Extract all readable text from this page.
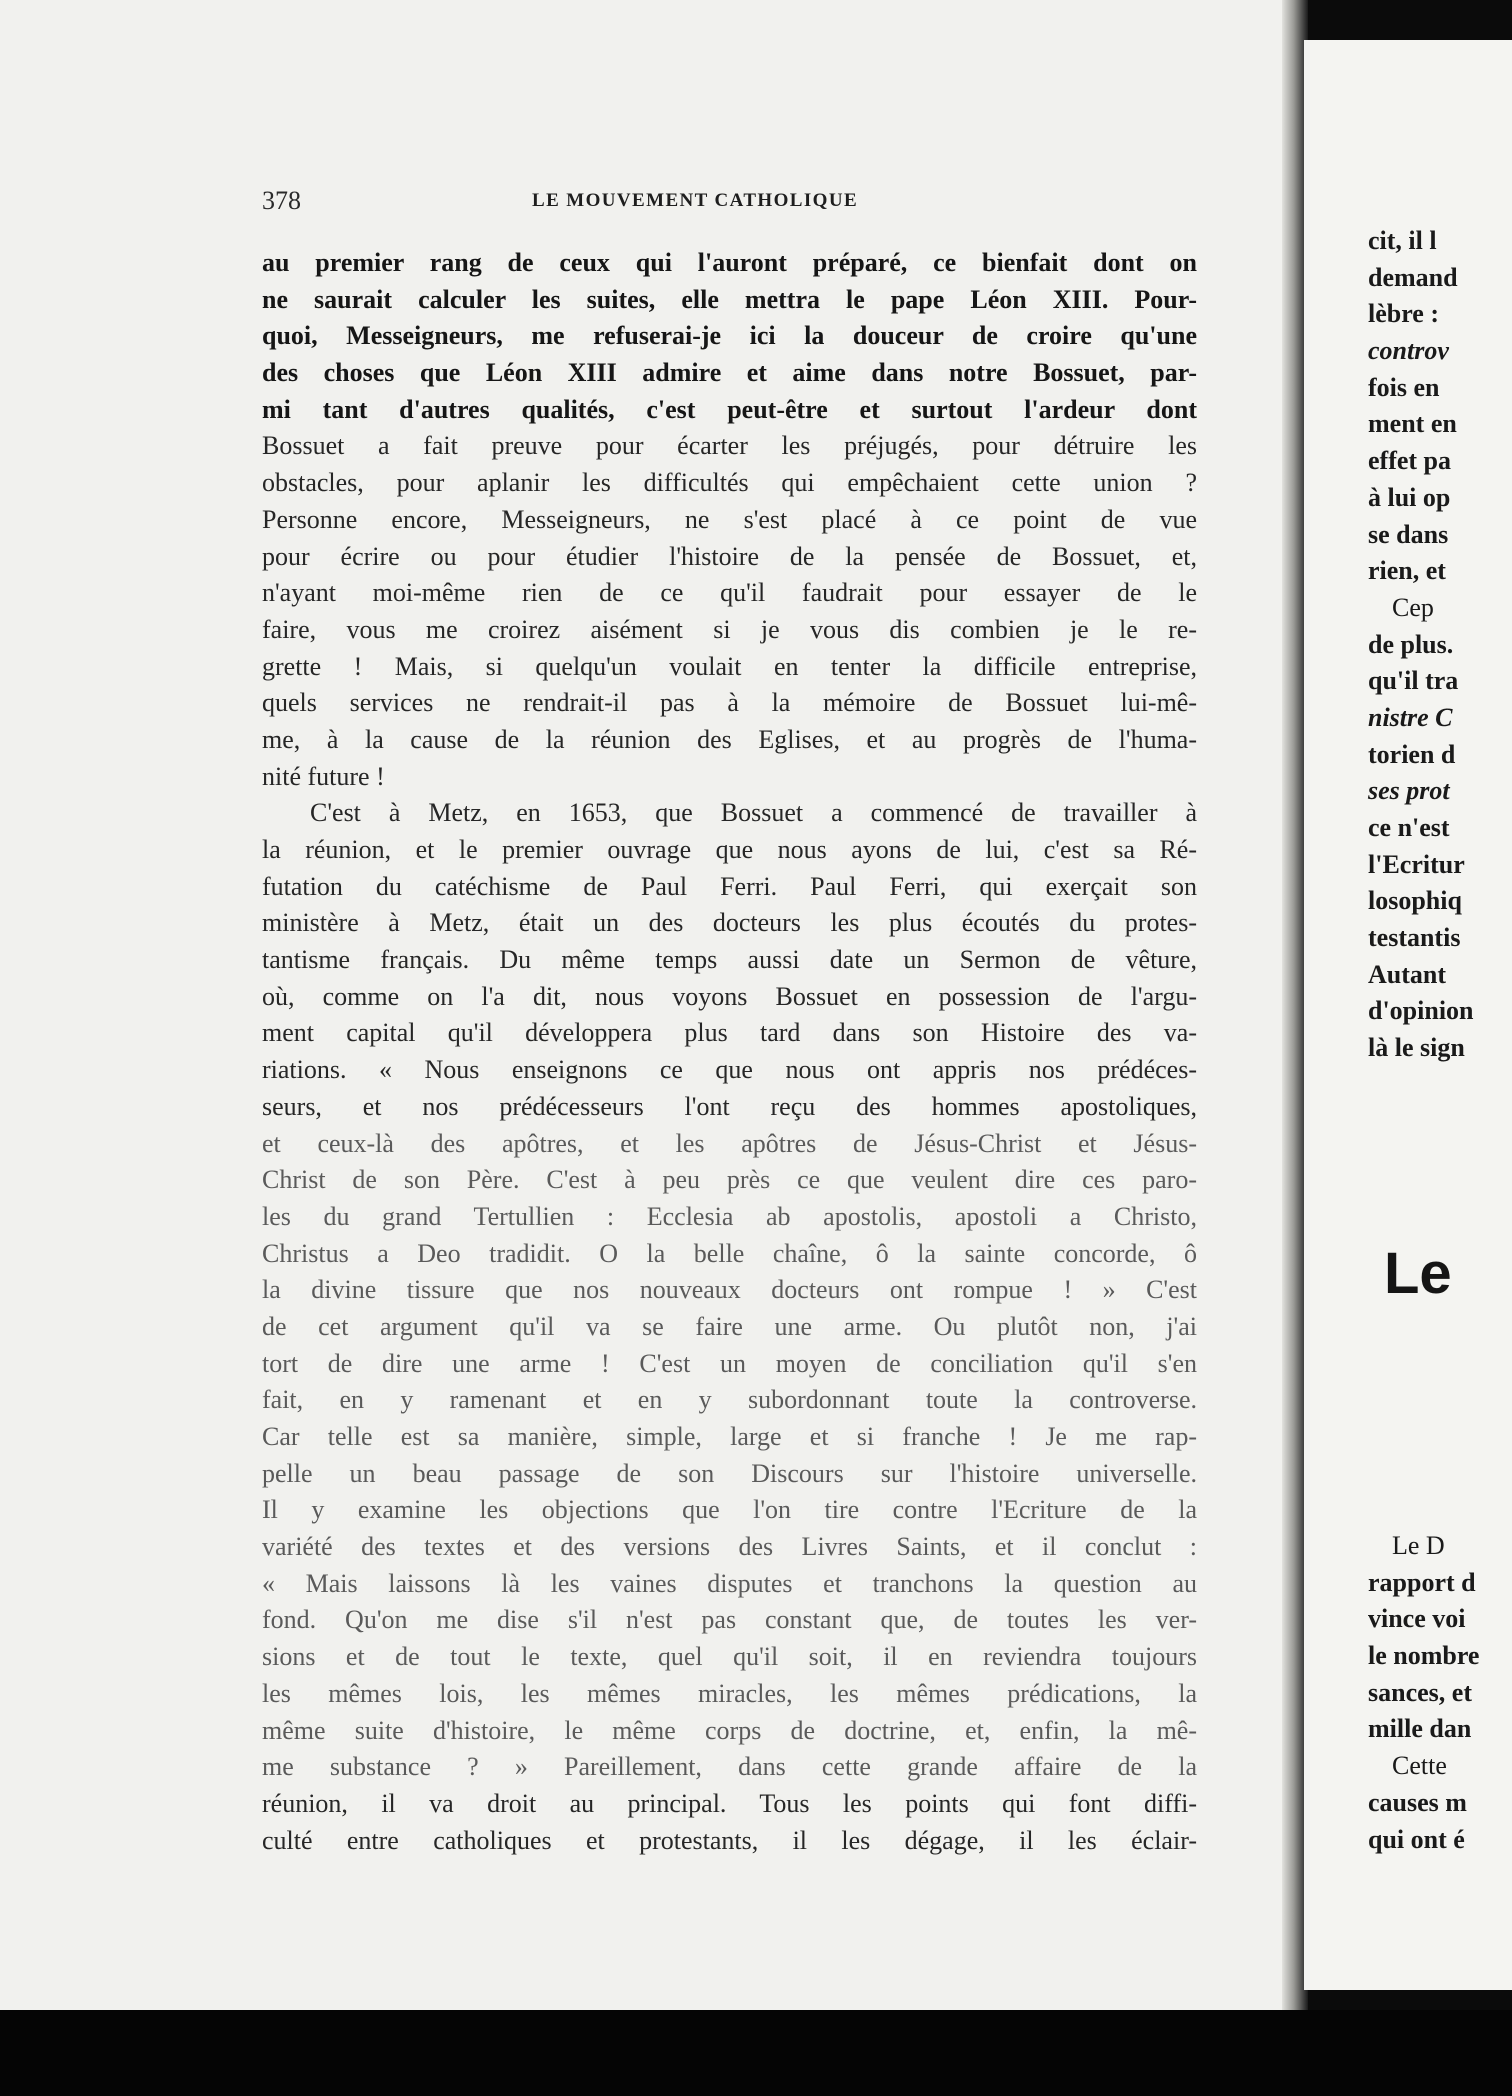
378	LE MOUVEMENT CATHOLIQUE
au premier rang de ceux qui l'auront préparé, ce bienfait dont on
ne saurait calculer les suites, elle mettra le pape Léon XIII. Pour-
quoi, Messeigneurs, me refuserai-je ici la douceur de croire qu'une
des choses que Léon XIII admire et aime dans notre Bossuet, par-
mi tant d'autres qualités, c'est peut-être et surtout l'ardeur dont
Bossuet a fait preuve pour écarter les préjugés, pour détruire les
obstacles, pour aplanir les difficultés qui empêchaient cette union ?
Personne encore, Messeigneurs, ne s'est placé à ce point de vue
pour écrire ou pour étudier l'histoire de la pensée de Bossuet, et,
n'ayant moi-même rien de ce qu'il faudrait pour essayer de le
faire, vous me croirez aisément si je vous dis combien je le re-
grette ! Mais, si quelqu'un voulait en tenter la difficile entreprise,
quels services ne rendrait-il pas à la mémoire de Bossuet lui-mê-
me, à la cause de la réunion des Eglises, et au progrès de l'huma-
nité future !
C'est à Metz, en 1653, que Bossuet a commencé de travailler à
la réunion, et le premier ouvrage que nous ayons de lui, c'est sa Ré-
futation du catéchisme de Paul Ferri. Paul Ferri, qui exerçait son
ministère à Metz, était un des docteurs les plus écoutés du protes-
tantisme français. Du même temps aussi date un Sermon de vêture,
où, comme on l'a dit, nous voyons Bossuet en possession de l'argu-
ment capital qu'il développera plus tard dans son Histoire des va-
riations. « Nous enseignons ce que nous ont appris nos prédéces-
seurs, et nos prédécesseurs l'ont reçu des hommes apostoliques,
et ceux-là des apôtres, et les apôtres de Jésus-Christ et Jésus-
Christ de son Père. C'est à peu près ce que veulent dire ces paro-
les du grand Tertullien : Ecclesia ab apostolis, apostoli a Christo,
Christus a Deo tradidit. O la belle chaîne, ô la sainte concorde, ô
la divine tissure que nos nouveaux docteurs ont rompue ! » C'est
de cet argument qu'il va se faire une arme. Ou plutôt non, j'ai
tort de dire une arme ! C'est un moyen de conciliation qu'il s'en
fait, en y ramenant et en y subordonnant toute la controverse.
Car telle est sa manière, simple, large et si franche ! Je me rap-
pelle un beau passage de son Discours sur l'histoire universelle.
Il y examine les objections que l'on tire contre l'Ecriture de la
variété des textes et des versions des Livres Saints, et il conclut :
« Mais laissons là les vaines disputes et tranchons la question au
fond. Qu'on me dise s'il n'est pas constant que, de toutes les ver-
sions et de tout le texte, quel qu'il soit, il en reviendra toujours
les mêmes lois, les mêmes miracles, les mêmes prédications, la
même suite d'histoire, le même corps de doctrine, et, enfin, la mê-
me substance ? » Pareillement, dans cette grande affaire de la
réunion, il va droit au principal. Tous les points qui font diffi-
culté entre catholiques et protestants, il les dégage, il les éclair-
cit, il l
demand
lèbre :
controv
fois en
ment en
effet pa
à lui op
se dans
rien, et
Cep
de plus.
qu'il tra
nistre C
torien d
ses prot
ce n'est
l'Ecritur
losophiq
testantis
Autant
d'opinion
là le sign
Le
Le D
rapport d
vince voi
le nombre
sances, et
mille dan
Cette
causes m
qui ont é
